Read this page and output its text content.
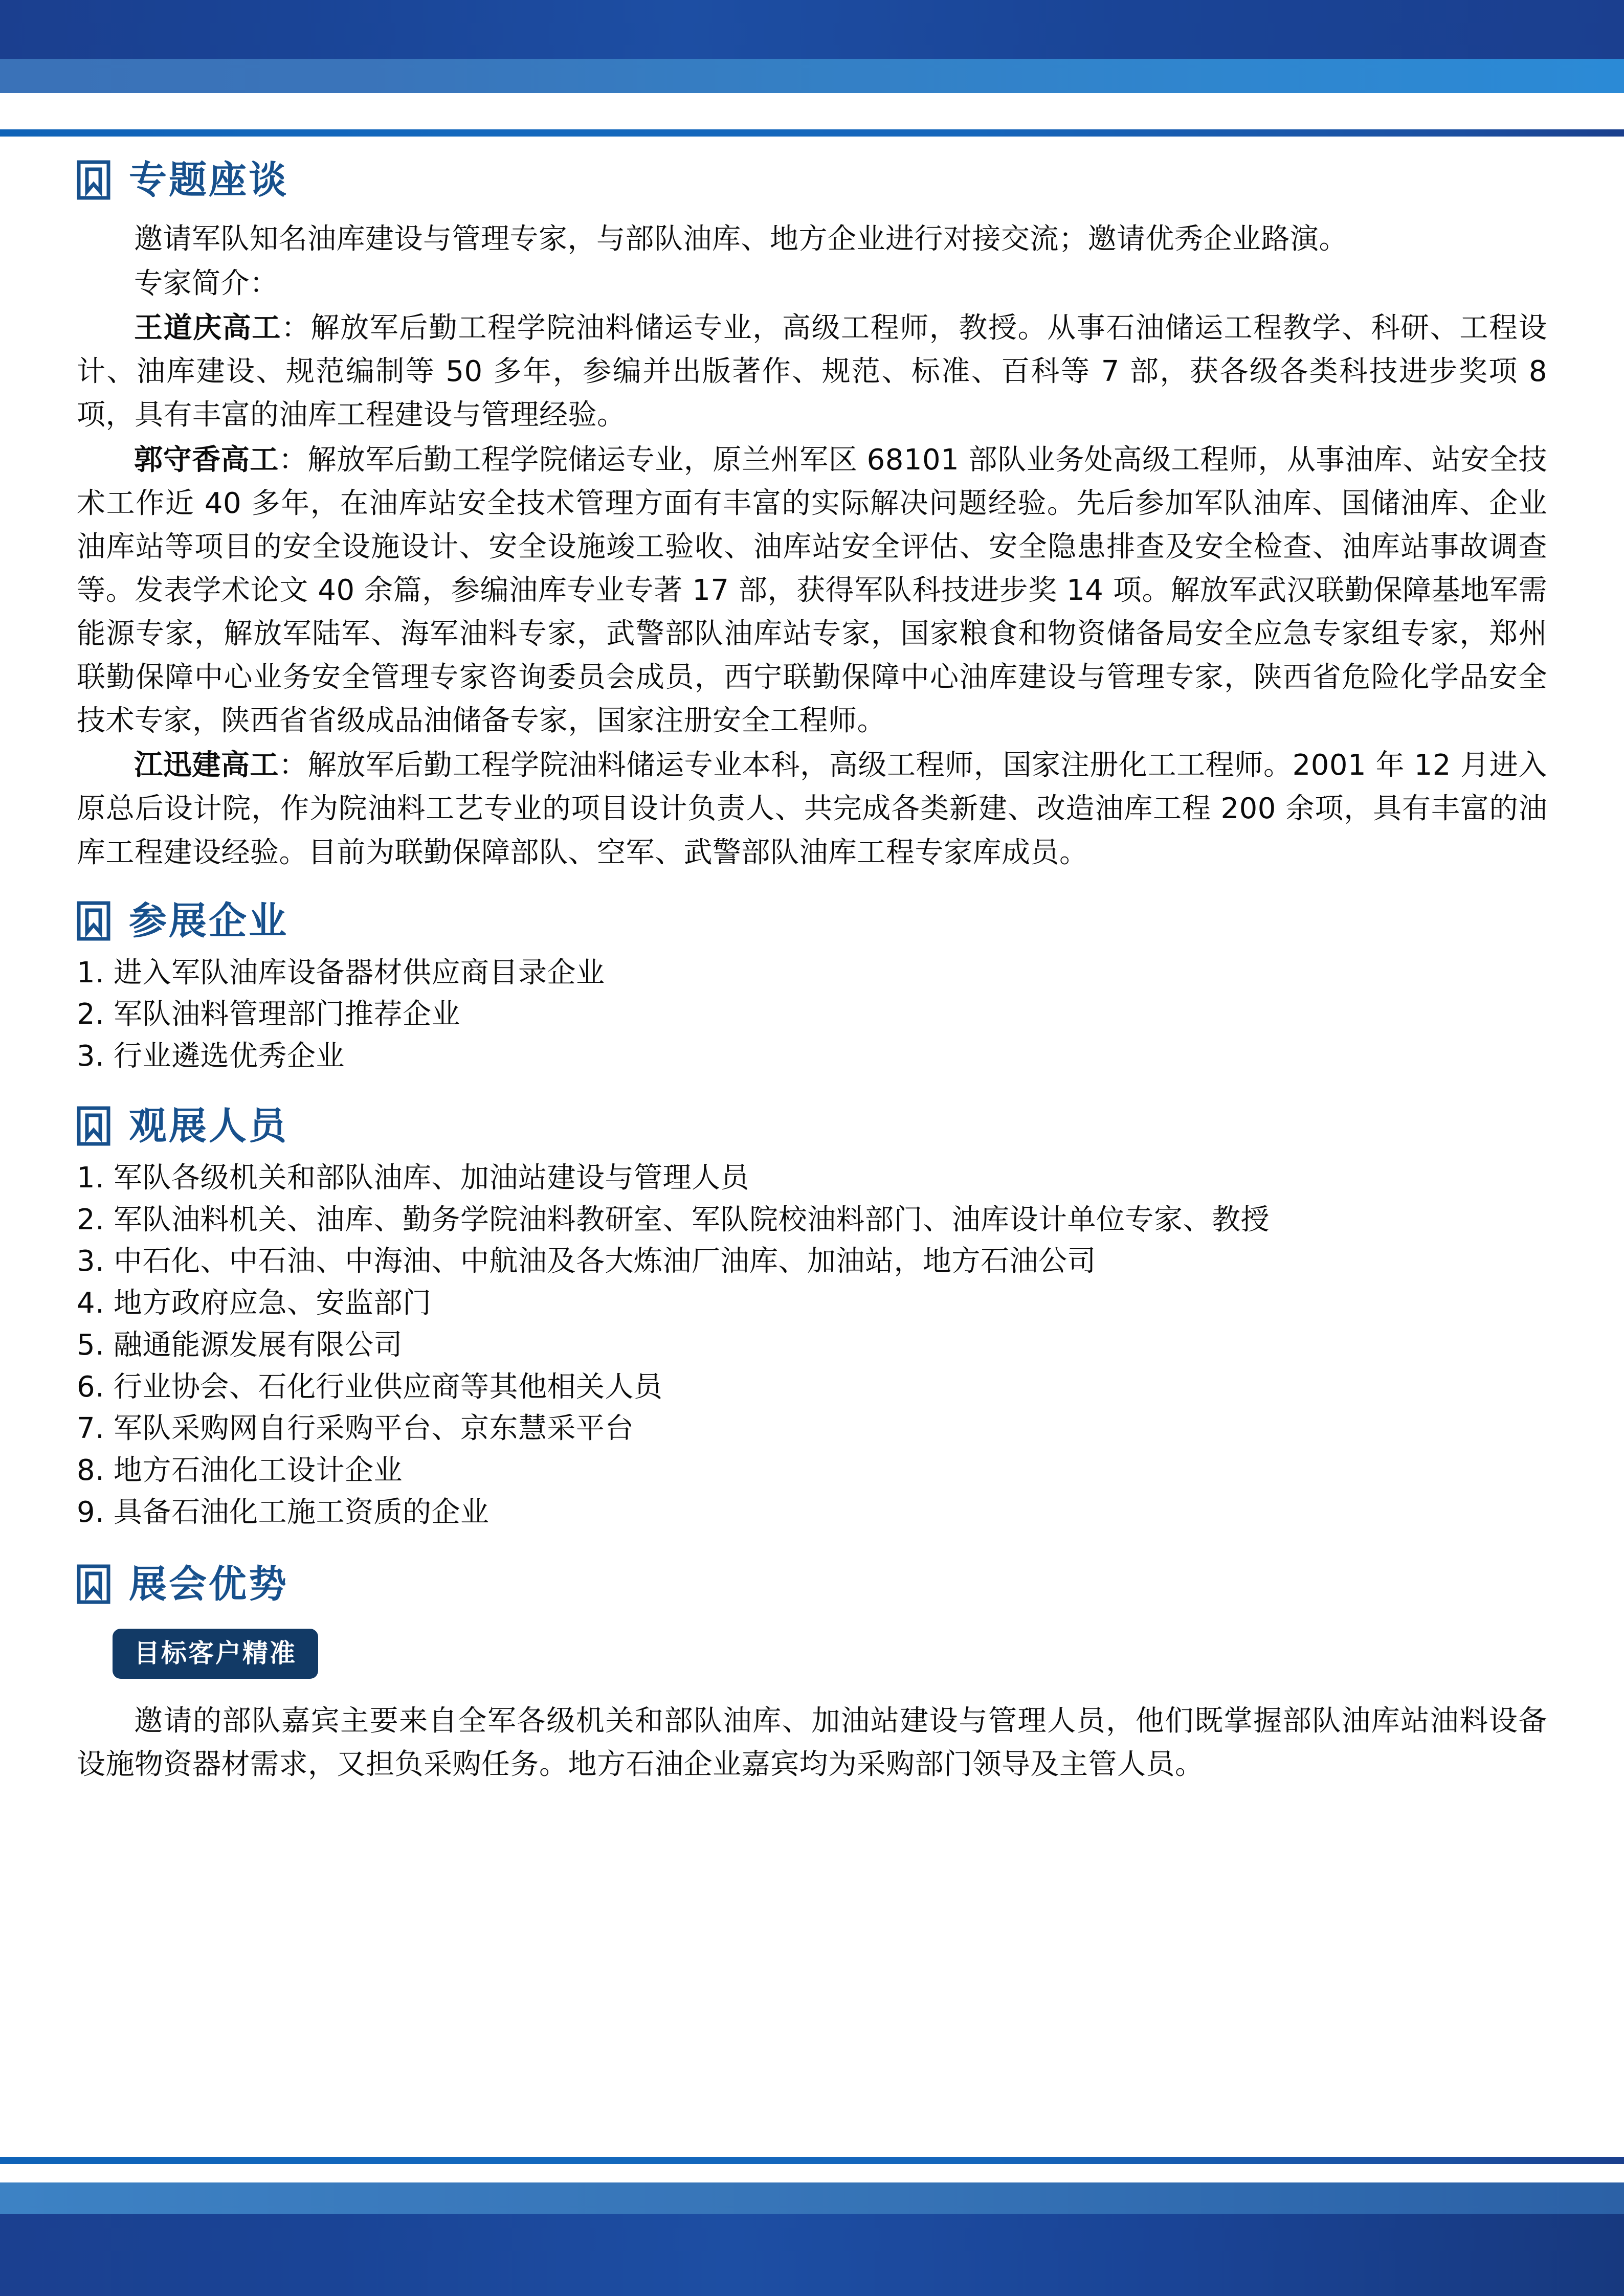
专题座谈

邀请军队知名油库建设与管理专家，与部队油库、地方企业进行对接交流；邀请优秀企业路演。

专家简介：

王道庆高工：解放军后勤工程学院油料储运专业，高级工程师，教授。从事石油储运工程教学、科研、工程设计、油库建设、规范编制等 50 多年，参编并出版著作、规范、标准、百科等 7 部，获各级各类科技进步奖项 8 项，具有丰富的油库工程建设与管理经验。

郭守香高工：解放军后勤工程学院储运专业，原兰州军区 68101 部队业务处高级工程师，从事油库、站安全技术工作近 40 多年，在油库站安全技术管理方面有丰富的实际解决问题经验。先后参加军队油库、国储油库、企业油库站等项目的安全设施设计、安全设施竣工验收、油库站安全评估、安全隐患排查及安全检查、油库站事故调查等。发表学术论文 40 余篇，参编油库专业专著 17 部，获得军队科技进步奖 14 项。解放军武汉联勤保障基地军需能源专家，解放军陆军、海军油料专家，武警部队油库站专家，国家粮食和物资储备局安全应急专家组专家，郑州联勤保障中心业务安全管理专家咨询委员会成员，西宁联勤保障中心油库建设与管理专家，陕西省危险化学品安全技术专家，陕西省省级成品油储备专家，国家注册安全工程师。

江迅建高工：解放军后勤工程学院油料储运专业本科，高级工程师，国家注册化工工程师。2001 年 12 月进入原总后设计院，作为院油料工艺专业的项目设计负责人、共完成各类新建、改造油库工程 200 余项，具有丰富的油库工程建设经验。目前为联勤保障部队、空军、武警部队油库工程专家库成员。

参展企业
1. 进入军队油库设备器材供应商目录企业
2. 军队油料管理部门推荐企业
3. 行业遴选优秀企业
观展人员
1. 军队各级机关和部队油库、加油站建设与管理人员
2. 军队油料机关、油库、勤务学院油料教研室、军队院校油料部门、油库设计单位专家、教授
3. 中石化、中石油、中海油、中航油及各大炼油厂油库、加油站，地方石油公司
4. 地方政府应急、安监部门
5. 融通能源发展有限公司
6. 行业协会、石化行业供应商等其他相关人员
7. 军队采购网自行采购平台、京东慧采平台
8. 地方石油化工设计企业
9. 具备石油化工施工资质的企业
展会优势
目标客户精准

邀请的部队嘉宾主要来自全军各级机关和部队油库、加油站建设与管理人员，他们既掌握部队油库站油料设备设施物资器材需求，又担负采购任务。地方石油企业嘉宾均为采购部门领导及主管人员。
